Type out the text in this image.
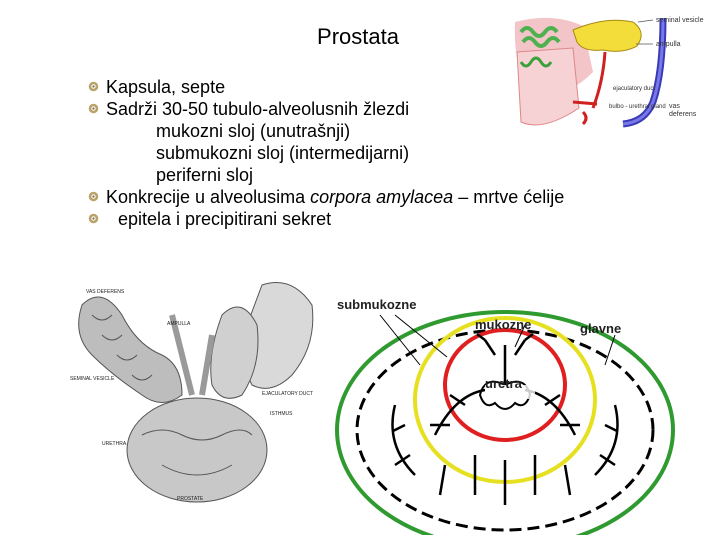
Prostata
Kapsula, septe
Sadrži 30-50 tubulo-alveolusnih žlezdi
mukozni sloj (unutrašnji)
submukozni sloj (intermedijarni)
periferni sloj
Konkrecije u alveolusima corpora amylacea – mrtve ćelije
epitela i precipitirani sekret
seminal vesicle
ampulla
ejaculatory duct
bulbo - urethral gland vas
deferens
VAS DEFERENS
AMPULLA
SEMINAL VESICLE
EJACULATORY DUCT
ISTHMUS
URETHRA
PROSTATE
submukozne
mukozne	glavne
uretra
